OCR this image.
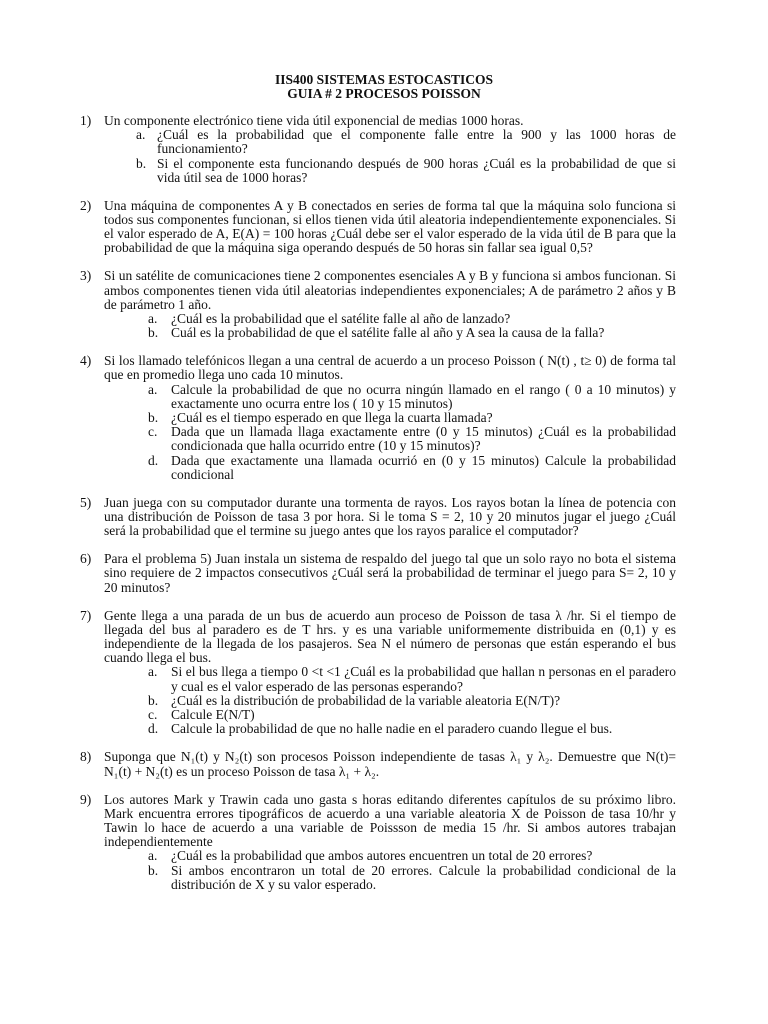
IIS400 SISTEMAS ESTOCASTICOS
GUIA # 2 PROCESOS POISSON
1) Un componente electrónico tiene vida útil exponencial de medias 1000 horas.
a. ¿Cuál es la probabilidad que el componente falle entre la 900 y las 1000 horas de funcionamiento?
b. Si el componente esta funcionando después de 900 horas ¿Cuál es la probabilidad de que si vida útil sea de 1000 horas?
2) Una máquina de componentes A y B conectados en series de forma tal que la máquina solo funciona si todos sus componentes funcionan, si ellos tienen vida útil aleatoria independientemente exponenciales. Si el valor esperado de A, E(A) = 100 horas ¿Cuál debe ser el valor esperado de la vida útil de B para que la probabilidad de que la máquina siga operando después de 50 horas sin fallar sea igual 0,5?
3) Si un satélite de comunicaciones tiene 2 componentes esenciales A y B y funciona si ambos funcionan. Si ambos componentes tienen vida útil aleatorias independientes exponenciales; A de parámetro 2 años y B de parámetro 1 año.
a. ¿Cuál es la probabilidad que el satélite falle al año de lanzado?
b. Cuál es la probabilidad de que el satélite falle al año y A sea la causa de la falla?
4) Si los llamado telefónicos llegan a una central de acuerdo a un proceso Poisson ( N(t) , t≥ 0) de forma tal que en promedio llega uno cada 10 minutos.
a. Calcule la probabilidad de que no ocurra ningún llamado en el rango ( 0 a 10 minutos) y exactamente uno ocurra entre los ( 10 y 15 minutos)
b. ¿Cuál es el tiempo esperado en que llega la cuarta llamada?
c. Dada que un llamada llaga exactamente entre (0 y 15 minutos) ¿Cuál es la probabilidad condicionada que halla ocurrido entre (10 y 15 minutos)?
d. Dada que exactamente una llamada ocurrió en (0 y 15 minutos) Calcule la probabilidad condicional
5) Juan juega con su computador durante una tormenta de rayos. Los rayos botan la línea de potencia con una distribución de Poisson de tasa 3 por hora. Si le toma S = 2, 10 y 20 minutos jugar el juego ¿Cuál será la probabilidad que el termine su juego antes que los rayos paralice el computador?
6) Para el problema 5) Juan instala un sistema de respaldo del juego tal que un solo rayo no bota el sistema sino requiere de 2 impactos consecutivos ¿Cuál será la probabilidad de terminar el juego para S= 2, 10 y 20 minutos?
7) Gente llega a una parada de un bus de acuerdo aun proceso de Poisson de tasa λ /hr. Si el tiempo de llegada del bus al paradero es de T hrs. y es una variable uniformemente distribuida en (0,1) y es independiente de la llegada de los pasajeros. Sea N el número de personas que están esperando el bus cuando llega el bus.
a. Si el bus llega a tiempo 0 <t <1 ¿Cuál es la probabilidad que hallan n personas en el paradero y cual es el valor esperado de las personas esperando?
b. ¿Cuál es la distribución de probabilidad de la variable aleatoria E(N/T)?
c. Calcule E(N/T)
d. Calcule la probabilidad de que no halle nadie en el paradero cuando llegue el bus.
8) Suponga que N₁(t) y N₂(t) son procesos Poisson independiente de tasas λ₁ y λ₂. Demuestre que N(t)= N₁(t) + N₂(t) es un proceso Poisson de tasa λ₁ + λ₂.
9) Los autores Mark y Trawin cada uno gasta s horas editando diferentes capítulos de su próximo libro. Mark encuentra errores tipográficos de acuerdo a una variable aleatoria X de Poisson de tasa 10/hr y Tawin lo hace de acuerdo a una variable de Poissson de media 15 /hr. Si ambos autores trabajan independientemente
a. ¿Cuál es la probabilidad que ambos autores encuentren un total de 20 errores?
b. Si ambos encontraron un total de 20 errores. Calcule la probabilidad condicional de la distribución de X y su valor esperado.
